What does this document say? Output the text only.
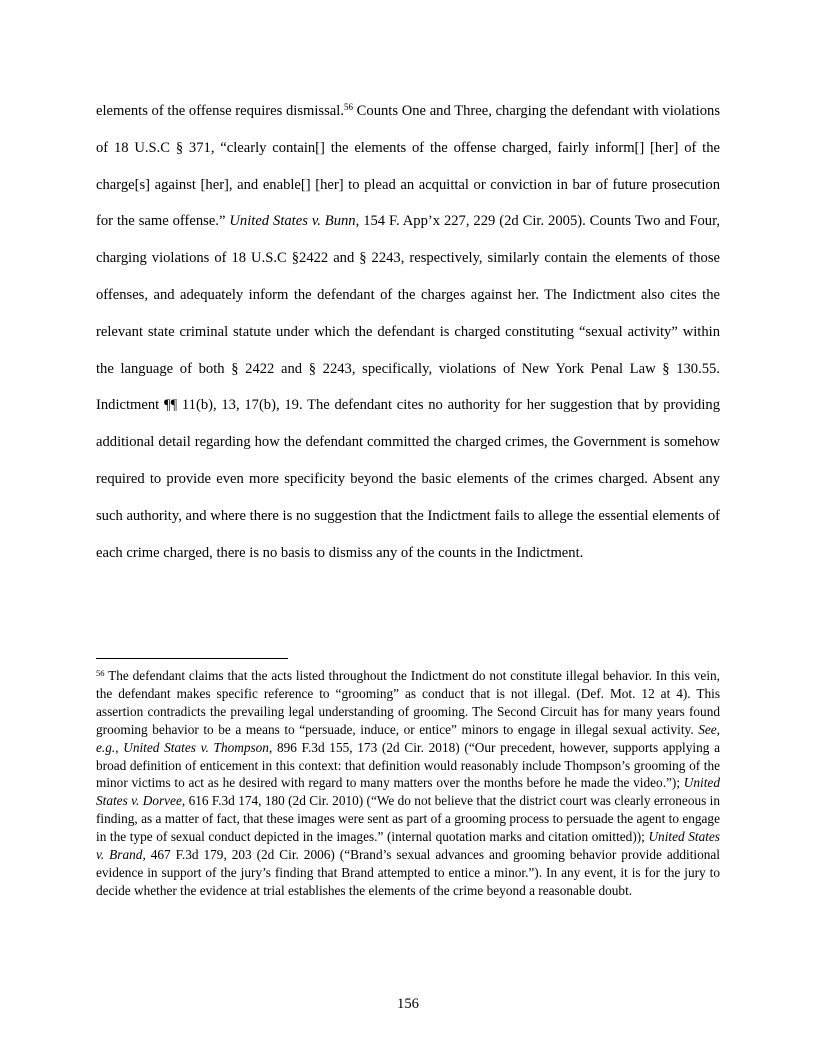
elements of the offense requires dismissal.$^{56}$ Counts One and Three, charging the defendant with violations of 18 U.S.C § 371, “clearly contain[] the elements of the offense charged, fairly inform[] [her] of the charge[s] against [her], and enable[] [her] to plead an acquittal or conviction in bar of future prosecution for the same offense.” United States v. Bunn, 154 F. App’x 227, 229 (2d Cir. 2005). Counts Two and Four, charging violations of 18 U.S.C §2422 and § 2243, respectively, similarly contain the elements of those offenses, and adequately inform the defendant of the charges against her. The Indictment also cites the relevant state criminal statute under which the defendant is charged constituting “sexual activity” within the language of both § 2422 and § 2243, specifically, violations of New York Penal Law § 130.55. Indictment ¶¶ 11(b), 13, 17(b), 19. The defendant cites no authority for her suggestion that by providing additional detail regarding how the defendant committed the charged crimes, the Government is somehow required to provide even more specificity beyond the basic elements of the crimes charged. Absent any such authority, and where there is no suggestion that the Indictment fails to allege the essential elements of each crime charged, there is no basis to dismiss any of the counts in the Indictment.

$^{56}$ The defendant claims that the acts listed throughout the Indictment do not constitute illegal behavior. In this vein, the defendant makes specific reference to “grooming” as conduct that is not illegal. (Def. Mot. 12 at 4). This assertion contradicts the prevailing legal understanding of grooming. The Second Circuit has for many years found grooming behavior to be a means to “persuade, induce, or entice” minors to engage in illegal sexual activity. See, e.g., United States v. Thompson, 896 F.3d 155, 173 (2d Cir. 2018) (“Our precedent, however, supports applying a broad definition of enticement in this context: that definition would reasonably include Thompson’s grooming of the minor victims to act as he desired with regard to many matters over the months before he made the video.”); United States v. Dorvee, 616 F.3d 174, 180 (2d Cir. 2010) (“We do not believe that the district court was clearly erroneous in finding, as a matter of fact, that these images were sent as part of a grooming process to persuade the agent to engage in the type of sexual conduct depicted in the images.” (internal quotation marks and citation omitted)); United States v. Brand, 467 F.3d 179, 203 (2d Cir. 2006) (“Brand’s sexual advances and grooming behavior provide additional evidence in support of the jury’s finding that Brand attempted to entice a minor.”). In any event, it is for the jury to decide whether the evidence at trial establishes the elements of the crime beyond a reasonable doubt.

156
